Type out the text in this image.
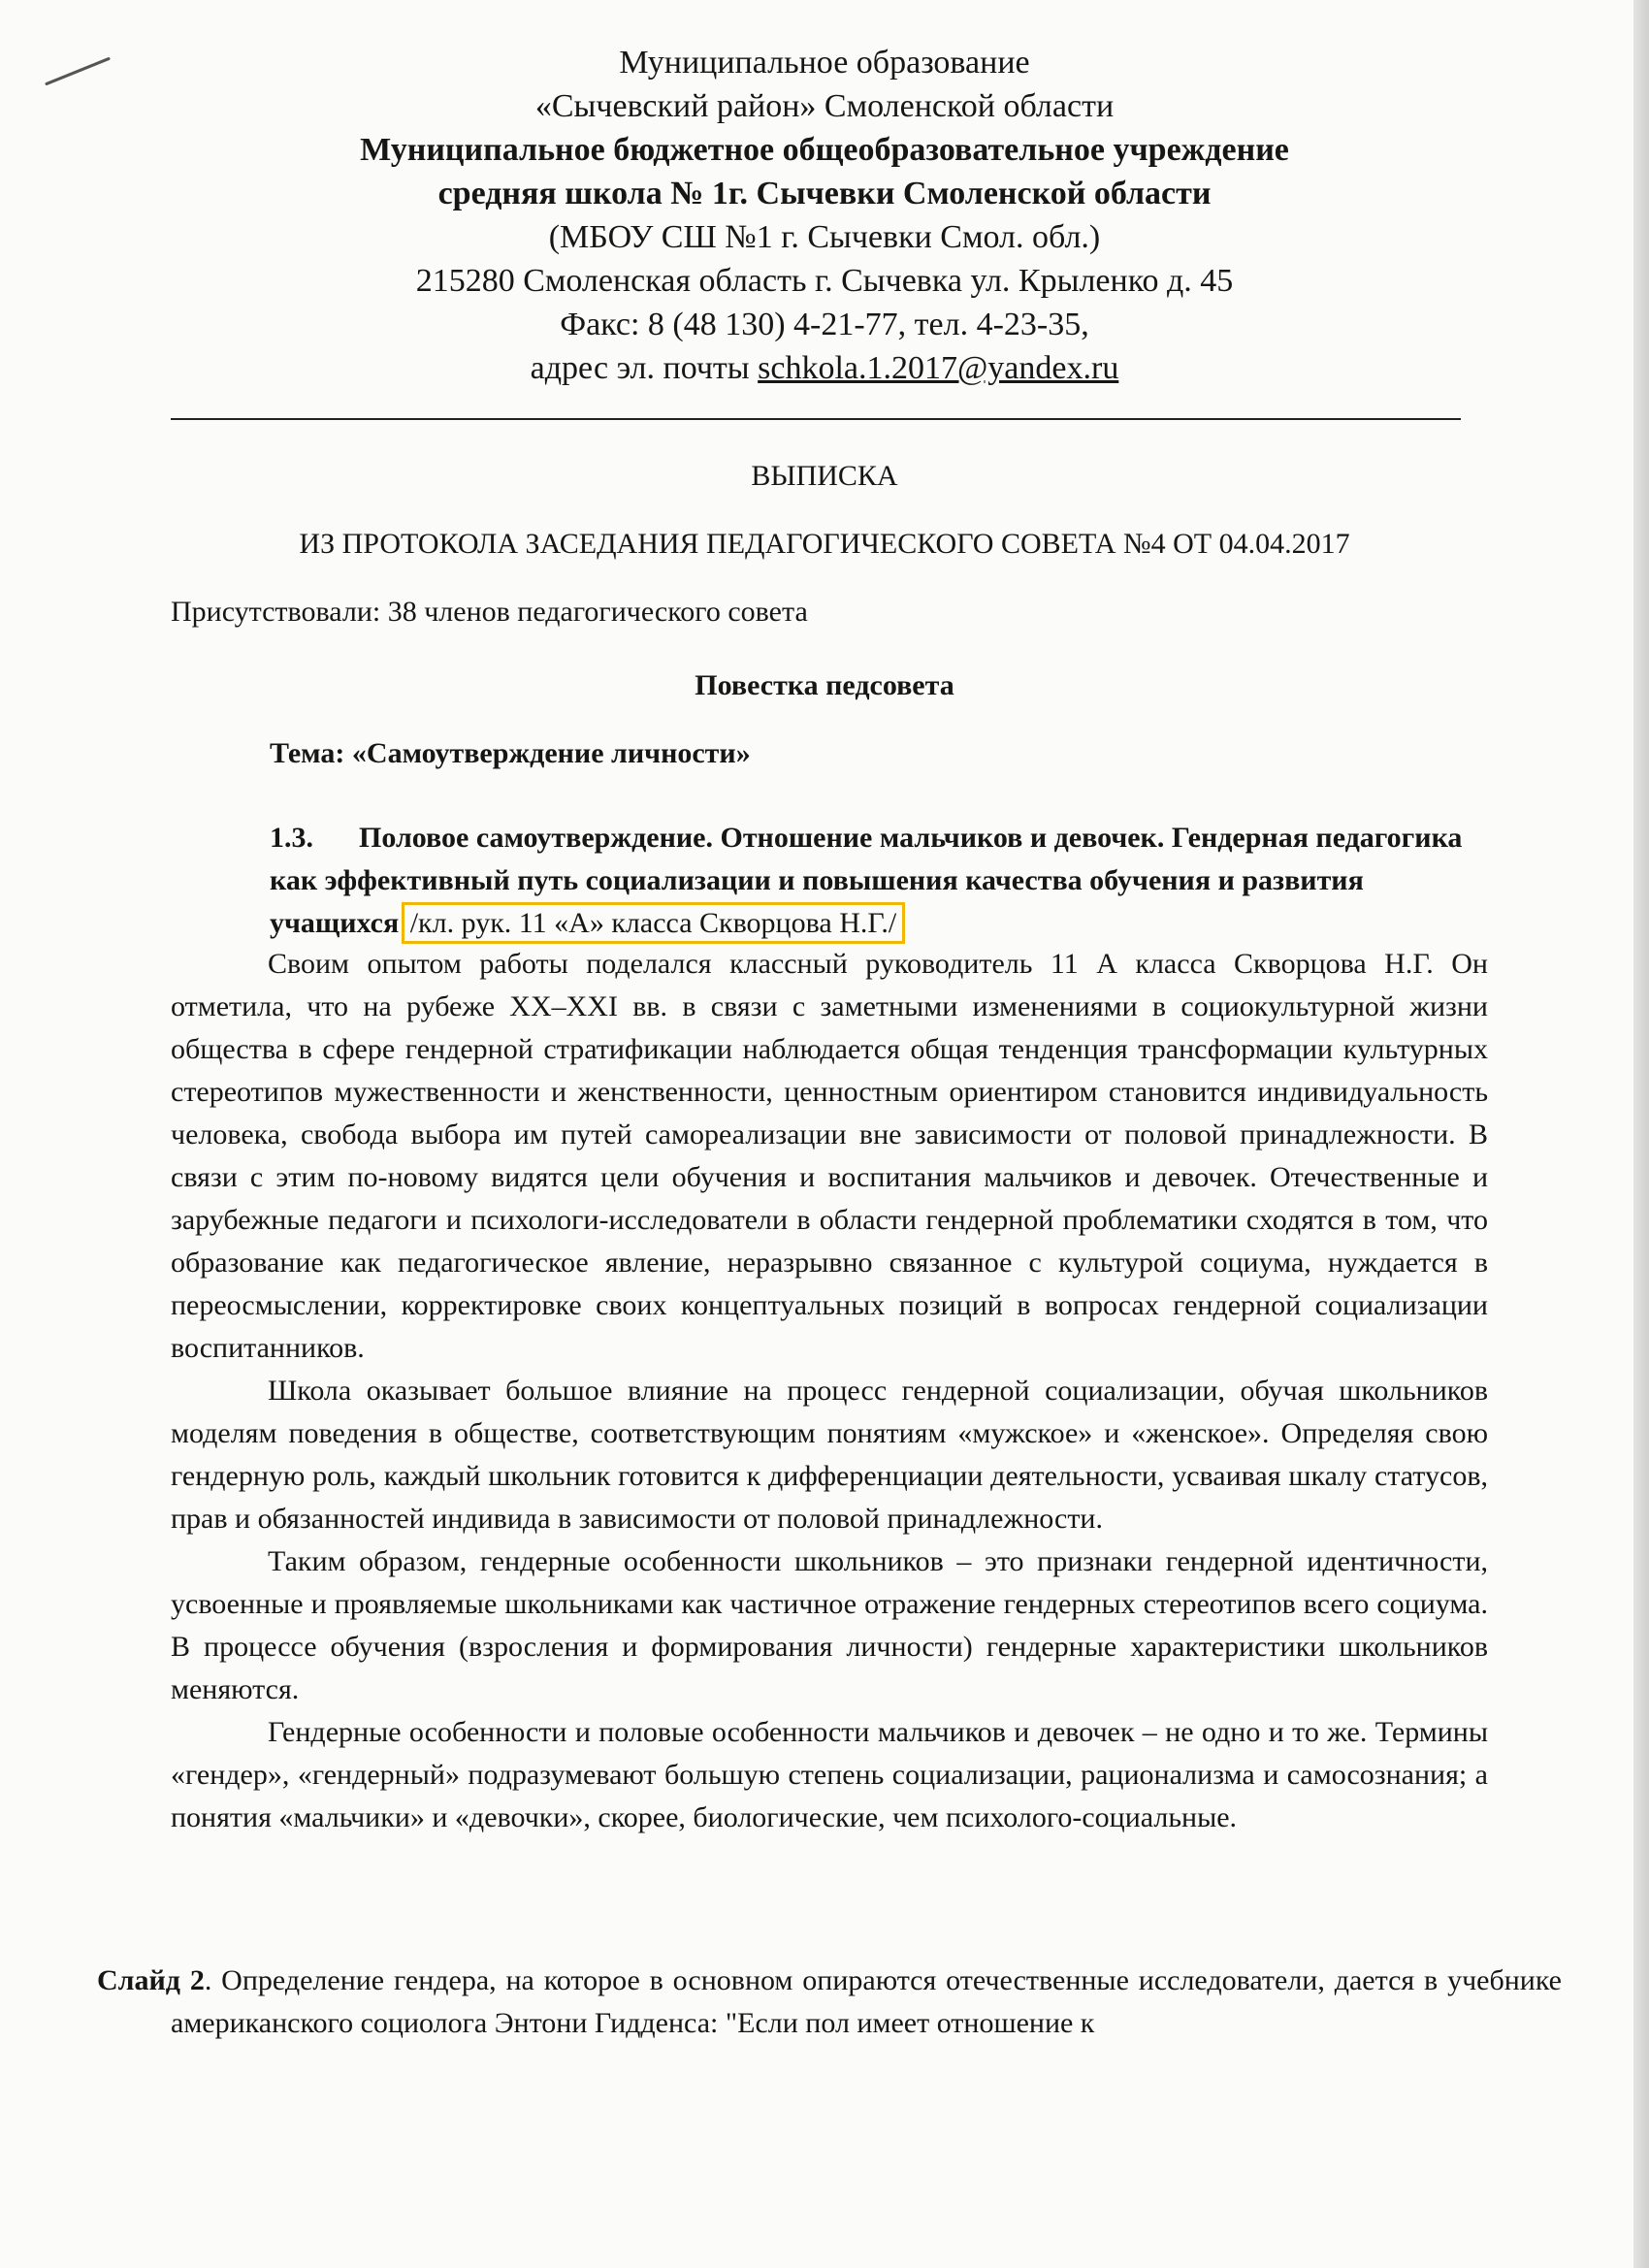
Муниципальное образование
«Сычевский район» Смоленской области
Муниципальное бюджетное общеобразовательное учреждение
средняя школа № 1г. Сычевки Смоленской области
(МБОУ СШ №1 г. Сычевки Смол. обл.)
215280 Смоленская область г. Сычевка ул. Крыленко д. 45
Факс: 8 (48 130) 4-21-77, тел. 4-23-35,
адрес эл. почты schkola.1.2017@yandex.ru
ВЫПИСКА
ИЗ ПРОТОКОЛА ЗАСЕДАНИЯ ПЕДАГОГИЧЕСКОГО СОВЕТА №4 ОТ 04.04.2017
Присутствовали: 38 членов педагогического совета
Повестка педсовета
Тема: «Самоутверждение личности»
1.3. Половое самоутверждение. Отношение мальчиков и девочек. Гендерная педагогика как эффективный путь социализации и повышения качества обучения и развития учащихся /кл. рук. 11 «А» класса Скворцова Н.Г./

Своим опытом работы поделался классный руководитель 11 А класса Скворцова Н.Г. Он отметила, что на рубеже XX–XXI вв. в связи с заметными изменениями в социокультурной жизни общества в сфере гендерной стратификации наблюдается общая тенденция трансформации культурных стереотипов мужественности и женственности, ценностным ориентиром становится индивидуальность человека, свобода выбора им путей самореализации вне зависимости от половой принадлежности. В связи с этим по-новому видятся цели обучения и воспитания мальчиков и девочек. Отечественные и зарубежные педагоги и психологи-исследователи в области гендерной проблематики сходятся в том, что образование как педагогическое явление, неразрывно связанное с культурой социума, нуждается в переосмыслении, корректировке своих концептуальных позиций в вопросах гендерной социализации воспитанников.

Школа оказывает большое влияние на процесс гендерной социализации, обучая школьников моделям поведения в обществе, соответствующим понятиям «мужское» и «женское». Определяя свою гендерную роль, каждый школьник готовится к дифференциации деятельности, усваивая шкалу статусов, прав и обязанностей индивида в зависимости от половой принадлежности.

Таким образом, гендерные особенности школьников – это признаки гендерной идентичности, усвоенные и проявляемые школьниками как частичное отражение гендерных стереотипов всего социума. В процессе обучения (взросления и формирования личности) гендерные характеристики школьников меняются.

Гендерные особенности и половые особенности мальчиков и девочек – не одно и то же. Термины «гендер», «гендерный» подразумевают большую степень социализации, рационализма и самосознания; а понятия «мальчики» и «девочки», скорее, биологические, чем психолого-социальные.

Слайд 2. Определение гендера, на которое в основном опираются отечественные исследователи, дается в учебнике американского социолога Энтони Гидденса: "Если пол имеет отношение к
